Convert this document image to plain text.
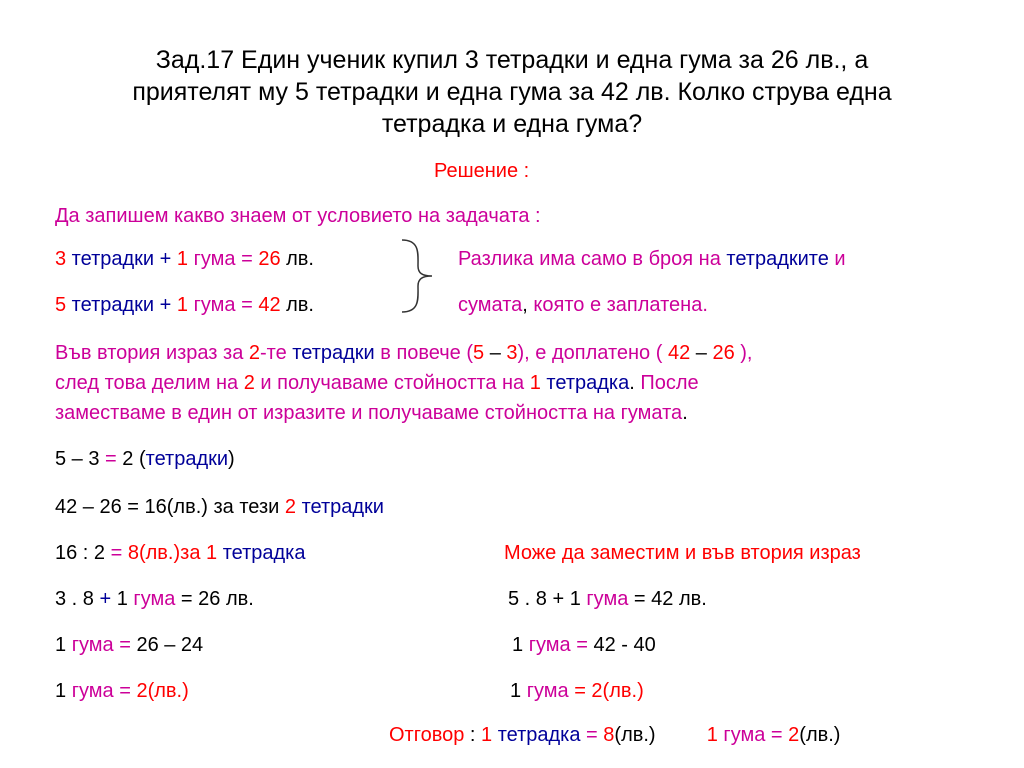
Зад.17 Един ученик купил 3 тетрадки и една гума за 26 лв., а
приятелят му 5 тетрадки и една гума за 42 лв. Колко струва една
тетрадка и една гума?
Решение :
Да запишем какво знаем от условието на задачата :
3 тетрадки + 1 гума = 26 лв.
5 тетрадки + 1 гума = 42 лв.
Разлика има само в броя на тетрадките и
сумата, която е заплатена.
Във втория израз за 2-те тетрадки в повече (5 – 3), е доплатено ( 42 – 26 ),
след това делим на 2 и получаваме стойността на 1 тетрадка. После
заместваме в един от изразите и получаваме стойността на гумата.
5 – 3 = 2 (тетрадки)
42 – 26 = 16(лв.) за тези 2 тетрадки
16 : 2 = 8(лв.)за 1 тетрадка	Може да заместим и във втория израз
3 . 8 + 1 гума = 26 лв.
1 гума = 26 – 24
1 гума = 2(лв.)
5 . 8 + 1 гума = 42 лв.
1 гума = 42 - 40
1 гума = 2(лв.)
Отговор : 1 тетрадка = 8(лв.)	1 гума = 2(лв.)
